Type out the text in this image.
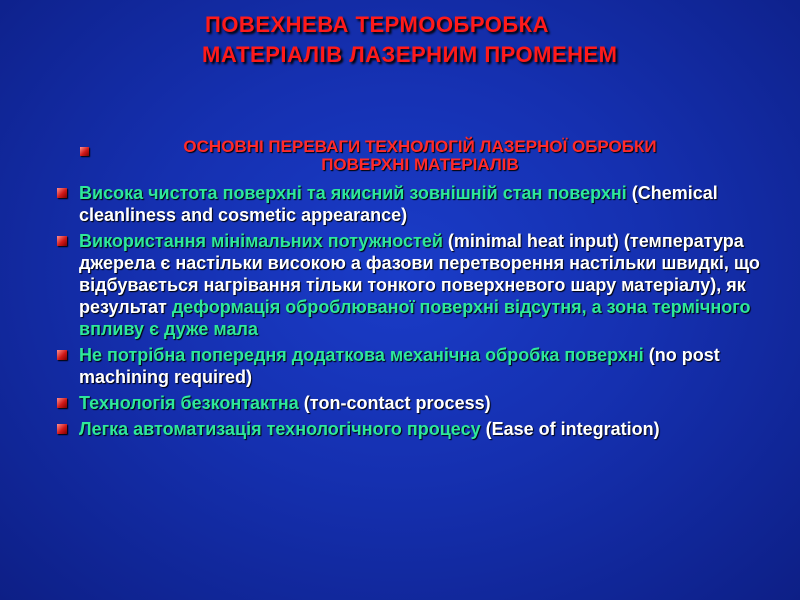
ПОВЕХНЕВА ТЕРМООБРОБКА
МАТЕРІАЛІВ ЛАЗЕРНИМ ПРОМЕНЕМ
ОСНОВНІ ПЕРЕВАГИ ТЕХНОЛОГІЙ ЛАЗЕРНОЇ ОБРОБКИ
ПОВЕРХНІ МАТЕРІАЛІВ
Висока чистота поверхні та якисний зовнішній стан поверхні (Chemical cleanliness and cosmetic appearance)
Використання мінімальних потужностей (minimal heat input) (температура джерела є настільки високою а фазови перетворення настільки швидкі, що відбувається нагрівання тільки тонкого поверхневого шару матеріалу), як результат деформація оброблюваної поверхні відсутня, а зона термічного впливу є дуже мала
Не потрібна попередня додаткова механічна обробка поверхні (no post machining required)
Технологія безконтактна (тon-contact process)
Легка автоматизація технологічного процесу (Ease of integration)
